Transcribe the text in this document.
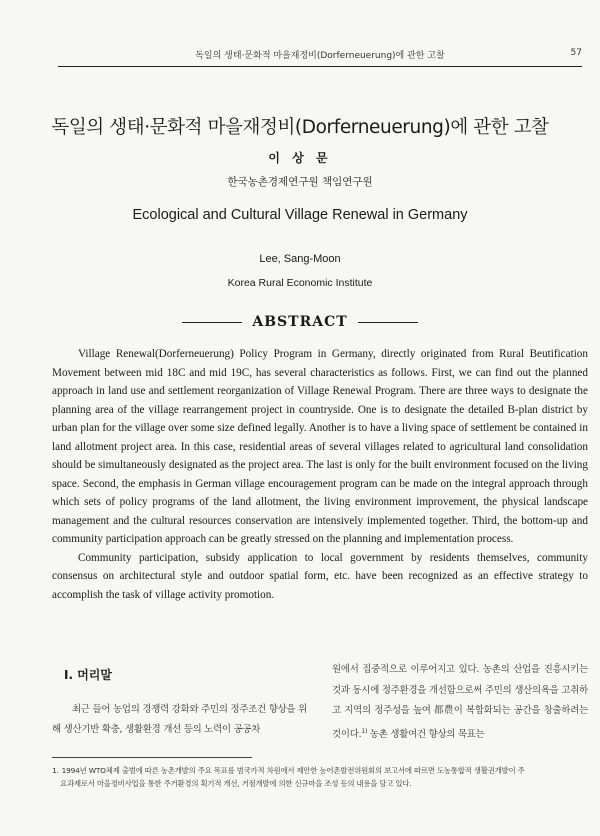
독일의 생태·문화적 마을재정비(Dorferneuerung)에 관한 고찰	57
독일의 생태·문화적 마을재정비(Dorferneuerung)에 관한 고찰
이 상 문
한국농촌경제연구원 책임연구원
Ecological and Cultural Village Renewal in Germany
Lee, Sang-Moon
Korea Rural Economic Institute
ABSTRACT

Village Renewal(Dorferneuerung) Policy Program in Germany, directly originated from Rural Beutification Movement between mid 18C and mid 19C, has several characteristics as follows. First, we can find out the planned approach in land use and settlement reorganization of Village Renewal Program. There are three ways to designate the planning area of the village rearrangement project in countryside. One is to designate the detailed B-plan district by urban plan for the village over some size defined legally. Another is to have a living space of settlement be contained in land allotment project area. In this case, residential areas of several villages related to agricultural land consolidation should be simultaneously designated as the project area. The last is only for the built environment focused on the living space. Second, the emphasis in German village encouragement program can be made on the integral approach through which sets of policy programs of the land allotment, the living environment improvement, the physical landscape management and the cultural resources conservation are intensively implemented together. Third, the bottom-up and community participation approach can be greatly stressed on the planning and implementation process.

Community participation, subsidy application to local government by residents themselves, community consensus on architectural style and outdoor spatial form, etc. have been recognized as an effective strategy to accomplish the task of village activity promotion.

Ⅰ. 머리말

최근 들어 농업의 경쟁력 강화와 주민의 정주조건 향상을 위해 생산기반 확충, 생활환경 개선 등의 노력이 공공차

원에서 집중적으로 이루어지고 있다. 농촌의 산업을 진흥시키는 것과 동시에 정주환경을 개선함으로써 주민의 생산의욕을 고취하고 지역의 정주성을 높여 都農이 복합화되는 공간을 창출하려는 것이다.$^{1)}$ 농촌 생활여건 향상의 목표는

1. 1994년 WTO체제 출범에 따른 농촌개발의 주요 목표를 범국가적 차원에서 제안한 농어촌발전위원회의 보고서에 따르면 도농통합적 생활권개발이 주
요과제로서 마을정비사업을 통한 주거환경의 획기적 개선, 거점개발에 의한 신규마을 조성 등의 내용을 담고 있다.
